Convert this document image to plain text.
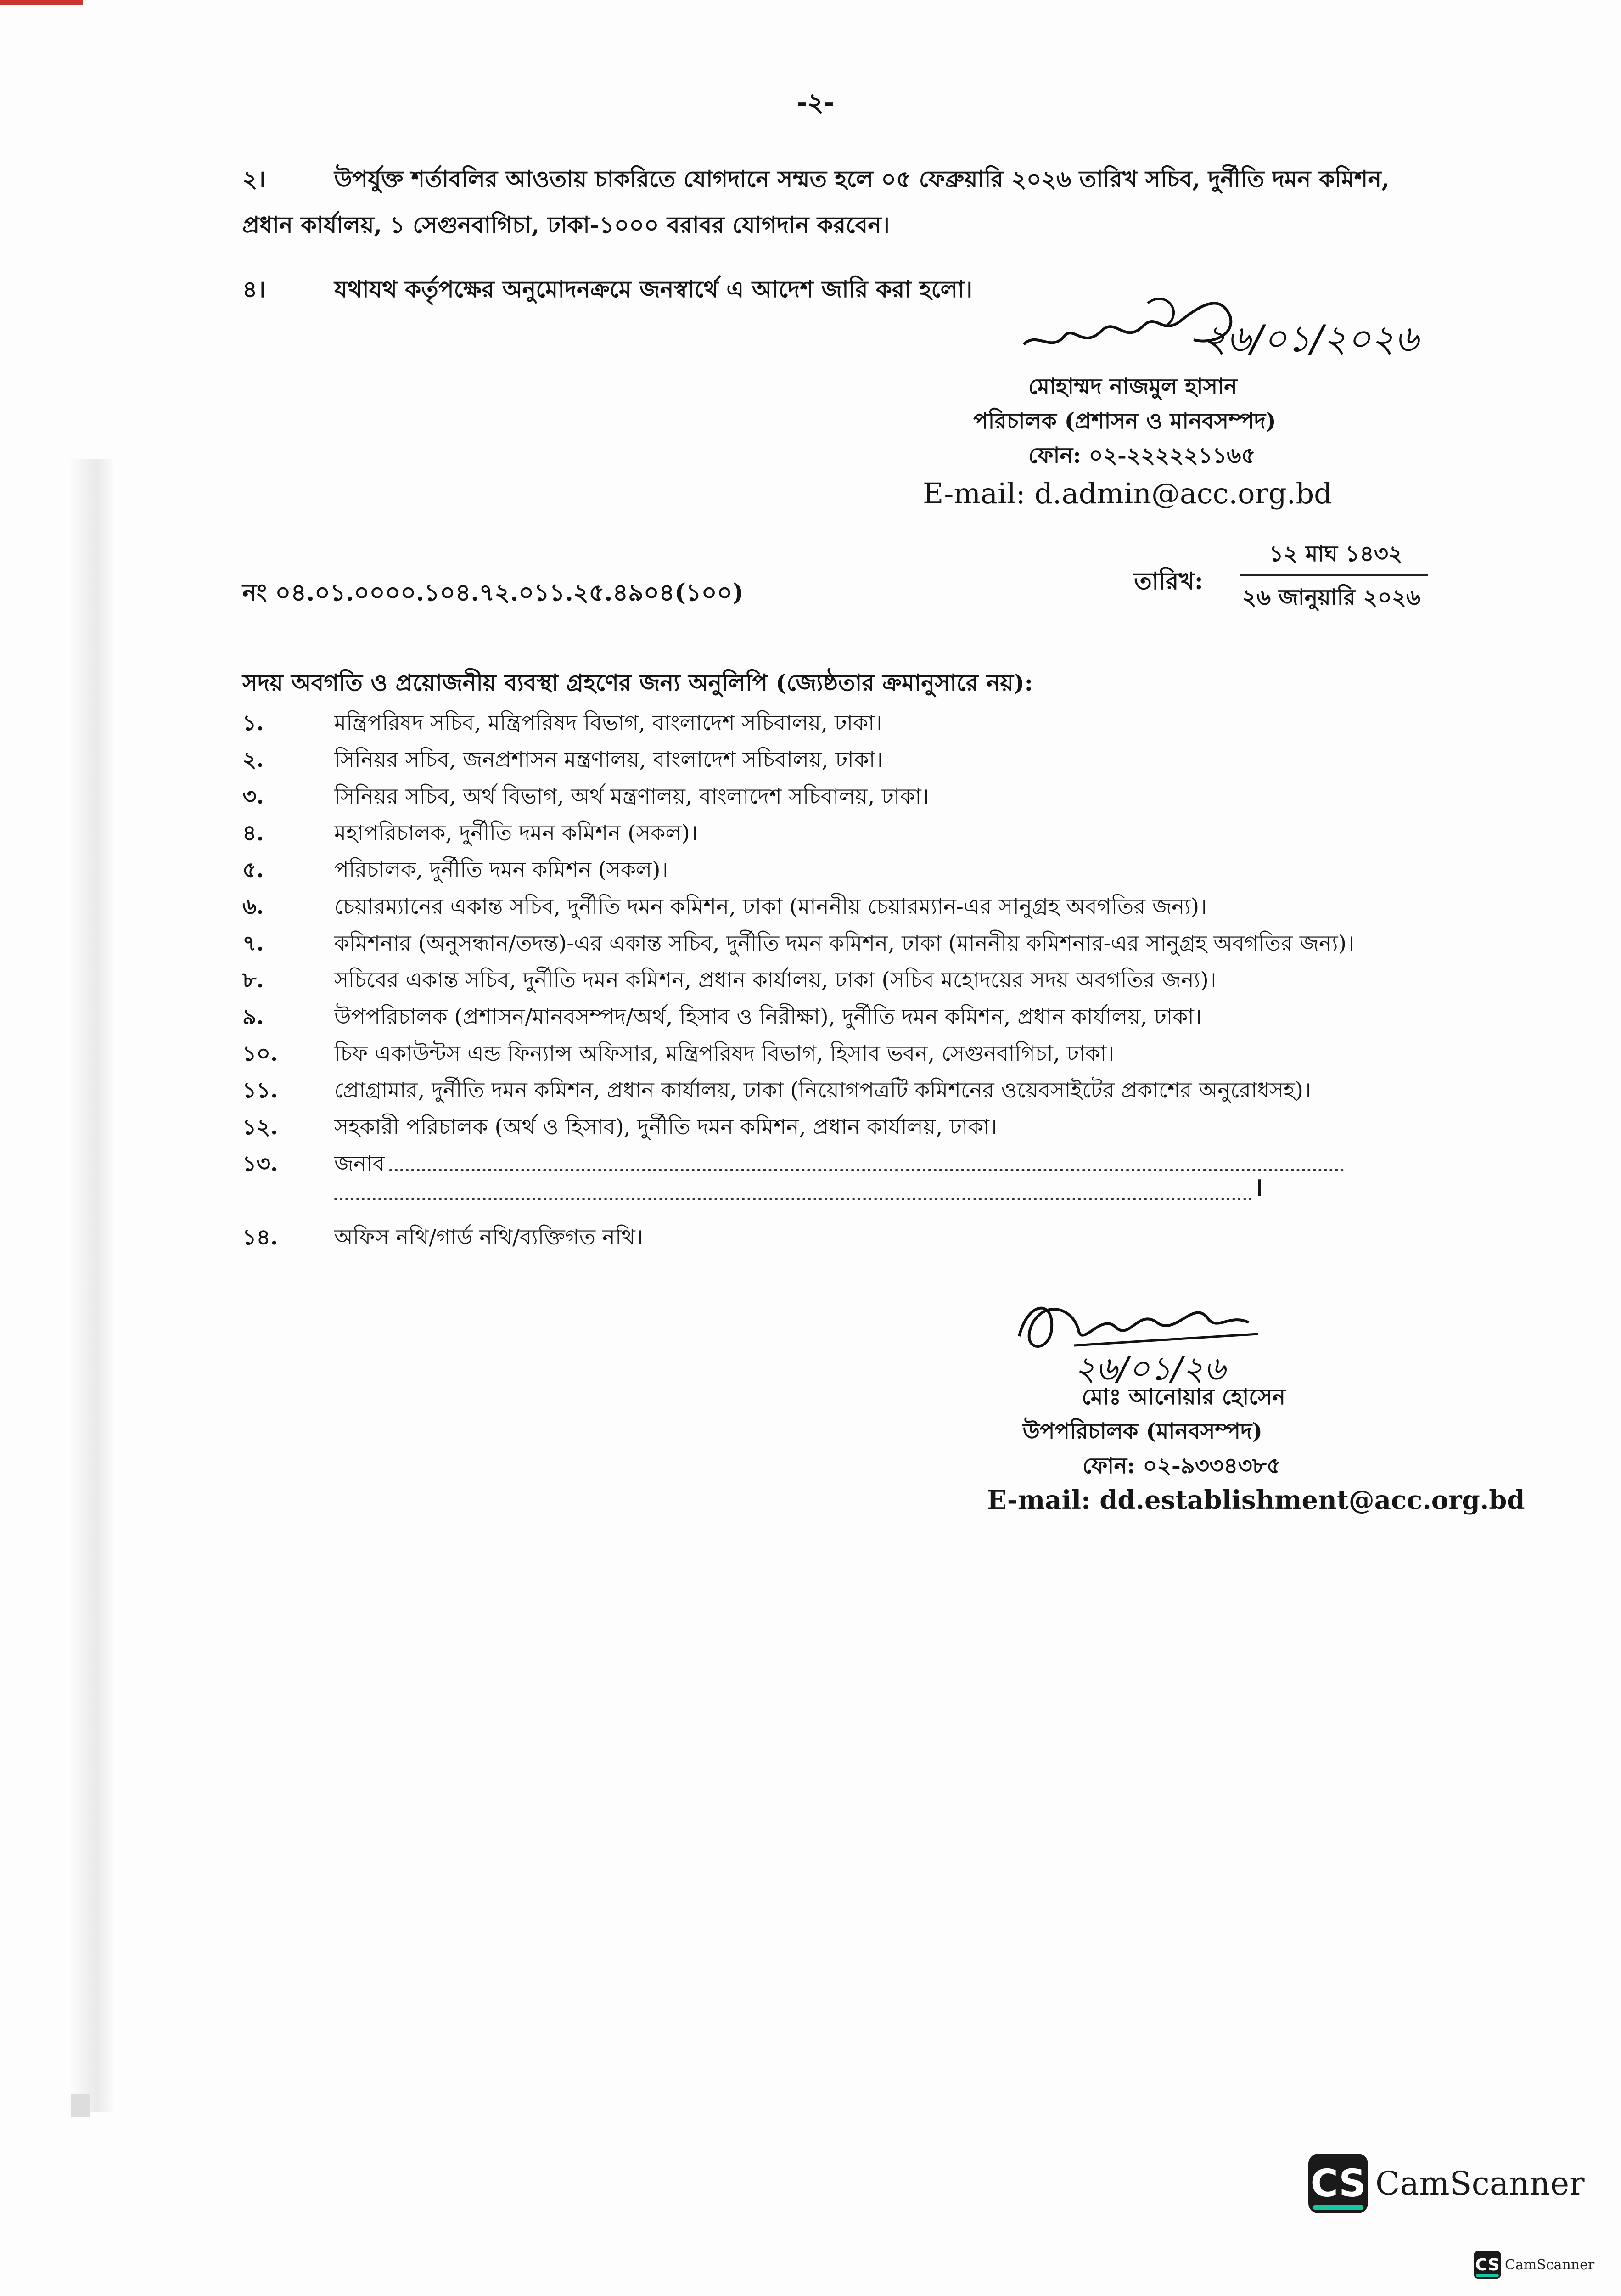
-২-
২।	উপর্যুক্ত শর্তাবলির আওতায় চাকরিতে যোগদানে সম্মত হলে ০৫ ফেব্রুয়ারি ২০২৬ তারিখ সচিব, দুর্নীতি দমন কমিশন,
প্রধান কার্যালয়, ১ সেগুনবাগিচা, ঢাকা-১০০০ বরাবর যোগদান করবেন।
৪।	যথাযথ কর্তৃপক্ষের অনুমোদনক্রমে জনস্বার্থে এ আদেশ জারি করা হলো।
২৬/০১/২০২৬
মোহাম্মদ নাজমুল হাসান
পরিচালক (প্রশাসন ও মানবসম্পদ)
ফোন: ০২-২২২২২১১৬৫
E-mail: d.admin@acc.org.bd
নং ০৪.০১.০০০০.১০৪.৭২.০১১.২৫.৪৯০৪(১০০)	তারিখ:
১২ মাঘ ১৪৩২
২৬ জানুয়ারি ২০২৬
সদয় অবগতি ও প্রয়োজনীয় ব্যবস্থা গ্রহণের জন্য অনুলিপি (জ্যেষ্ঠতার ক্রমানুসারে নয়):
১.	মন্ত্রিপরিষদ সচিব, মন্ত্রিপরিষদ বিভাগ, বাংলাদেশ সচিবালয়, ঢাকা।
২.	সিনিয়র সচিব, জনপ্রশাসন মন্ত্রণালয়, বাংলাদেশ সচিবালয়, ঢাকা।
৩.	সিনিয়র সচিব, অর্থ বিভাগ, অর্থ মন্ত্রণালয়, বাংলাদেশ সচিবালয়, ঢাকা।
৪.	মহাপরিচালক, দুর্নীতি দমন কমিশন (সকল)।
৫.	পরিচালক, দুর্নীতি দমন কমিশন (সকল)।
৬.	চেয়ারম্যানের একান্ত সচিব, দুর্নীতি দমন কমিশন, ঢাকা (মাননীয় চেয়ারম্যান-এর সানুগ্রহ অবগতির জন্য)।
৭.	কমিশনার (অনুসন্ধান/তদন্ত)-এর একান্ত সচিব, দুর্নীতি দমন কমিশন, ঢাকা (মাননীয় কমিশনার-এর সানুগ্রহ অবগতির জন্য)।
৮.	সচিবের একান্ত সচিব, দুর্নীতি দমন কমিশন, প্রধান কার্যালয়, ঢাকা (সচিব মহোদয়ের সদয় অবগতির জন্য)।
৯.	উপপরিচালক (প্রশাসন/মানবসম্পদ/অর্থ, হিসাব ও নিরীক্ষা), দুর্নীতি দমন কমিশন, প্রধান কার্যালয়, ঢাকা।
১০.	চিফ একাউন্টস এন্ড ফিন্যান্স অফিসার, মন্ত্রিপরিষদ বিভাগ, হিসাব ভবন, সেগুনবাগিচা, ঢাকা।
১১.	প্রোগ্রামার, দুর্নীতি দমন কমিশন, প্রধান কার্যালয়, ঢাকা (নিয়োগপত্রটি কমিশনের ওয়েবসাইটের প্রকাশের অনুরোধসহ)।
১২.	সহকারী পরিচালক (অর্থ ও হিসাব), দুর্নীতি দমন কমিশন, প্রধান কার্যালয়, ঢাকা।
১৩.	জনাব
১৪.	অফিস নথি/গার্ড নথি/ব্যক্তিগত নথি।
।
২৬/০১/২৬
মোঃ আনোয়ার হোসেন
উপপরিচালক (মানবসম্পদ)
ফোন: ০২-৯৩৩৪৩৮৫
E-mail: dd.establishment@acc.org.bd
CS CamScanner
CS CamScanner
